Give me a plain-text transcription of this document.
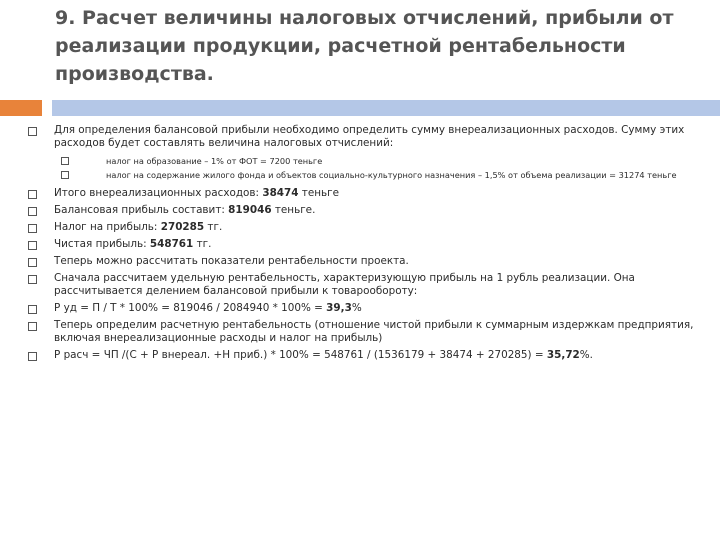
9. Расчет величины налоговых отчислений, прибыли от реализации продукции, расчетной рентабельности производства.

Для определения балансовой прибыли необходимо определить сумму внереализационных расходов. Сумму этих расходов будет составлять величина налоговых отчислений:

налог на образование – 1% от ФОТ = 7200 теньге

налог на содержание жилого фонда и объектов социально-культурного назначения – 1,5% от объема реализации = 31274 теньге

Итого внереализационных расходов: 38474 теньге

Балансовая прибыль составит: 819046 теньге.

Налог на прибыль: 270285 тг.

Чистая прибыль: 548761 тг.

Теперь можно рассчитать показатели рентабельности проекта.

Сначала рассчитаем удельную рентабельность, характеризующую прибыль на 1 рубль реализации. Она рассчитывается делением балансовой прибыли к товарообороту:

Р уд = П / Т * 100% = 819046 / 2084940 * 100% = 39,3%

Теперь определим расчетную рентабельность (отношение чистой прибыли к суммарным издержкам предприятия, включая внереализационные расходы и налог на прибыль)

Р расч = ЧП /(С + Р внереал. +Н приб.) * 100% = 548761 / (1536179 + 38474 + 270285) = 35,72%.
